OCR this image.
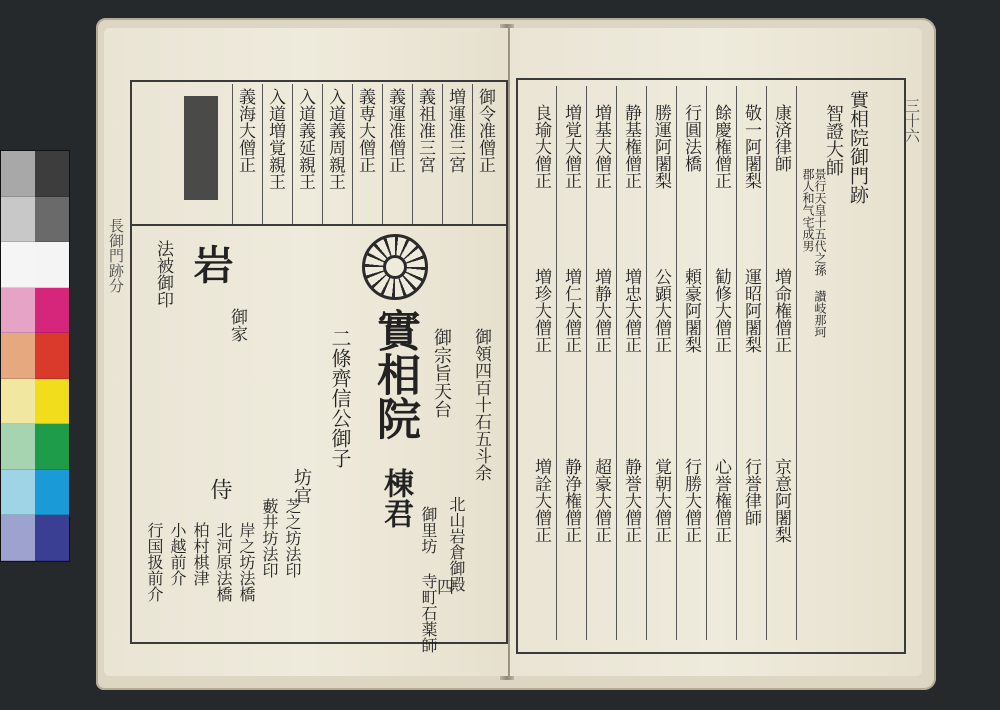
長御門跡分
御令准僧正
増運准三宮
義祖准三宮
義運准僧正
義専大僧正
入道義周親王
入道義延親王
入道増覚親王
義海大僧正
法被御印 岩
御家
侍
二條齊信公御子 實相院 御宗旨天台 御領四百十石五斗余
棟君
四
北山岩倉御殿
御里坊 寺町石薬師
坊官
芝之坊法印
藪井坊法印
岸之坊法橋
北河原法橋
柏村棋津
小越前介
行国扱前介
實相院御門跡
智證大師
景行天皇十五代之孫 讃岐那珂郡人和气宅成男
三十六
康済律師
増命権僧正
京意阿闍梨
敬一阿闍梨
運昭阿闍梨
行誉律師
餘慶権僧正
勧修大僧正
心誉権僧正
行圓法橋
頼豪阿闍梨
行勝大僧正
勝運阿闍梨
公顕大僧正
覚朝大僧正
静基権僧正
増忠大僧正
静誉大僧正
増基大僧正
増静大僧正
超豪大僧正
増覚大僧正
増仁大僧正
静浄権僧正
良瑜大僧正
増珍大僧正
増詮大僧正
